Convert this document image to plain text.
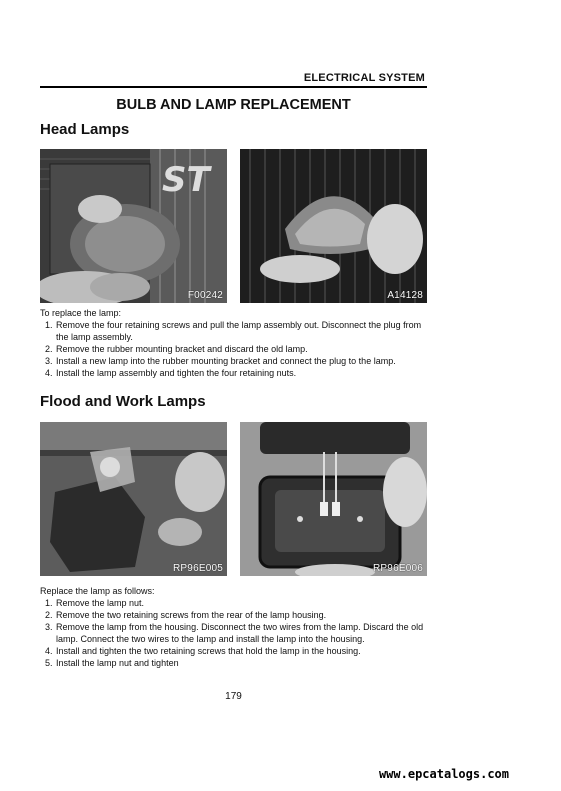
ELECTRICAL SYSTEM
BULB AND LAMP REPLACEMENT
Head Lamps
ST
F00242	A14128
To replace the lamp:
1. Remove the four retaining screws and pull the lamp assembly out. Disconnect the plug from the lamp assembly.
2. Remove the rubber mounting bracket and discard the old lamp.
3. Install a new lamp into the rubber mounting bracket and connect the plug to the lamp.
4. Install the lamp assembly and tighten the four retaining nuts.
Flood and Work Lamps
RP96E005	RP96E006
Replace the lamp as follows:
1. Remove the lamp nut.
2. Remove the two retaining screws from the rear of the lamp housing.
3. Remove the lamp from the housing. Disconnect the two wires from the lamp. Discard the old lamp. Connect the two wires to the lamp and install the lamp into the housing.
4. Install and tighten the two retaining screws that hold the lamp in the housing.
5. Install the lamp nut and tighten
179
www.epcatalogs.com
